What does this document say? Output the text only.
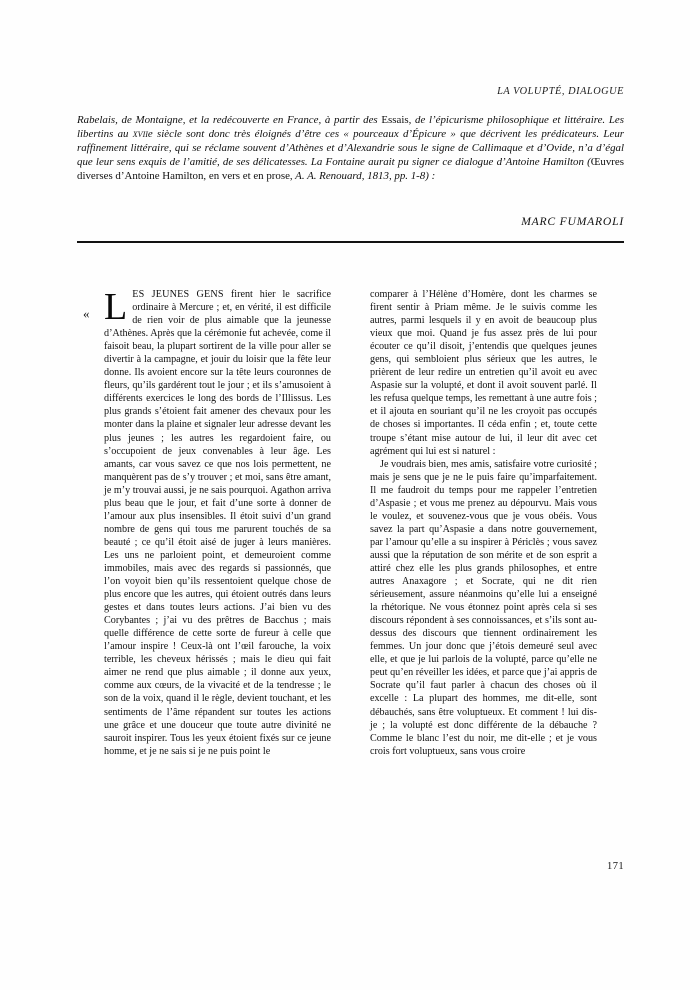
LA VOLUPTÉ, DIALOGUE
Rabelais, de Montaigne, et la redécouverte en France, à partir des Essais, de l’épicurisme philosophique et littéraire. Les libertins au xviie siècle sont donc très éloignés d’être ces « pourceaux d’Épicure » que décrivent les prédicateurs. Leur raffinement littéraire, qui se réclame souvent d’Athènes et d’Alexandrie sous le signe de Callimaque et d’Ovide, n’a d’égal que leur sens exquis de l’amitié, de ses délicatesses. La Fontaine aurait pu signer ce dialogue d’Antoine Hamilton (Œuvres diverses d’Antoine Hamilton, en vers et en prose, A. A. Renouard, 1813, pp. 1-8) :
MARC FUMAROLI
« L ES JEUNES GENS firent hier le sacrifice ordinaire à Mercure ; et, en vérité, il est difficile de rien voir de plus aimable que la jeunesse d’Athènes. Après que la cérémonie fut achevée, come il faisoit beau, la plupart sortirent de la ville pour aller se divertir à la campagne, et jouir du loisir que la fête leur donne. Ils avoient encore sur la tête leurs couronnes de fleurs, qu’ils gardérent tout le jour ; et ils s’amusoient à différents exercices le long des bords de l’Illissus. Les plus grands s’étoient fait amener des chevaux pour les monter dans la plaine et signaler leur adresse devant les plus jeunes ; les autres les regardoient faire, ou s’occupoient de jeux convenables à leur âge. Les amants, car vous savez ce que nos lois permettent, ne manquèrent pas de s’y trouver ; et moi, sans être amant, je m’y trouvai aussi, je ne sais pourquoi. Agathon arriva plus beau que le jour, et fait d’une sorte à donner de l’amour aux plus insensibles. Il étoit suivi d’un grand nombre de gens qui tous me parurent touchés de sa beauté ; ce qu’il étoit aisé de juger à leurs manières. Les uns ne parloient point, et demeuroient comme immobiles, mais avec des regards si passionnés, que l’on voyoit bien qu’ils ressentoient quelque chose de plus encore que les autres, qui étoient outrés dans leurs gestes et dans toutes leurs actions. J’ai bien vu des Corybantes ; j’ai vu des prêtres de Bacchus ; mais quelle différence de cette sorte de fureur à celle que l’amour inspire ! Ceux-là ont l’œil farouche, la voix terrible, les cheveux hérissés ; mais le dieu qui fait aimer ne rend que plus aimable ; il donne aux yeux, comme aux cœurs, de la vivacité et de la tendresse ; le son de la voix, quand il le règle, devient touchant, et les sentiments de l’âme répandent sur toutes les actions une grâce et une douceur que toute autre divinité ne sauroit inspirer. Tous les yeux étoient fixés sur ce jeune homme, et je ne sais si je ne puis point le

comparer à l’Hélène d’Homère, dont les charmes se firent sentir à Priam même. Je le suivis comme les autres, parmi lesquels il y en avoit de beaucoup plus vieux que moi. Quand je fus assez près de lui pour écouter ce qu’il disoit, j’entendis que quelques jeunes gens, qui sembloient plus sérieux que les autres, le prièrent de leur redire un entretien qu’il avoit eu avec Aspasie sur la volupté, et dont il avoit souvent parlé. Il les refusa quelque temps, les remettant à une autre fois ; et il ajouta en souriant qu’il ne les croyoit pas occupés de choses si importantes. Il céda enfin ; et, toute cette troupe s’étant mise autour de lui, il leur dit avec cet agrément qui lui est si naturel :

Je voudrais bien, mes amis, satisfaire votre curiosité ; mais je sens que je ne le puis faire qu’imparfaitement. Il me faudroit du temps pour me rappeler l’entretien d’Aspasie ; et vous me prenez au dépourvu. Mais vous le voulez, et souvenez-vous que je vous obéis. Vous savez la part qu’Aspasie a dans notre gouvernement, par l’amour qu’elle a su inspirer à Périclès ; vous savez aussi que la réputation de son mérite et de son esprit a attiré chez elle les plus grands philosophes, et entre autres Anaxagore ; et Socrate, qui ne dit rien sérieusement, assure néanmoins qu’elle lui a enseigné la rhétorique. Ne vous étonnez point après cela si ses discours répondent à ses connoissances, et s’ils sont au-dessus des discours que tiennent ordinairement les femmes. Un jour donc que j’étois demeuré seul avec elle, et que je lui parlois de la volupté, parce qu’elle ne peut qu’en réveiller les idées, et parce que j’ai appris de Socrate qu’il faut parler à chacun des choses où il excelle : La plupart des hommes, me dit-elle, sont débauchés, sans être voluptueux. Et comment ! lui dis-je ; la volupté est donc différente de la débauche ? Comme le blanc l’est du noir, me dit-elle ; et je vous crois fort voluptueux, sans vous croire

171
